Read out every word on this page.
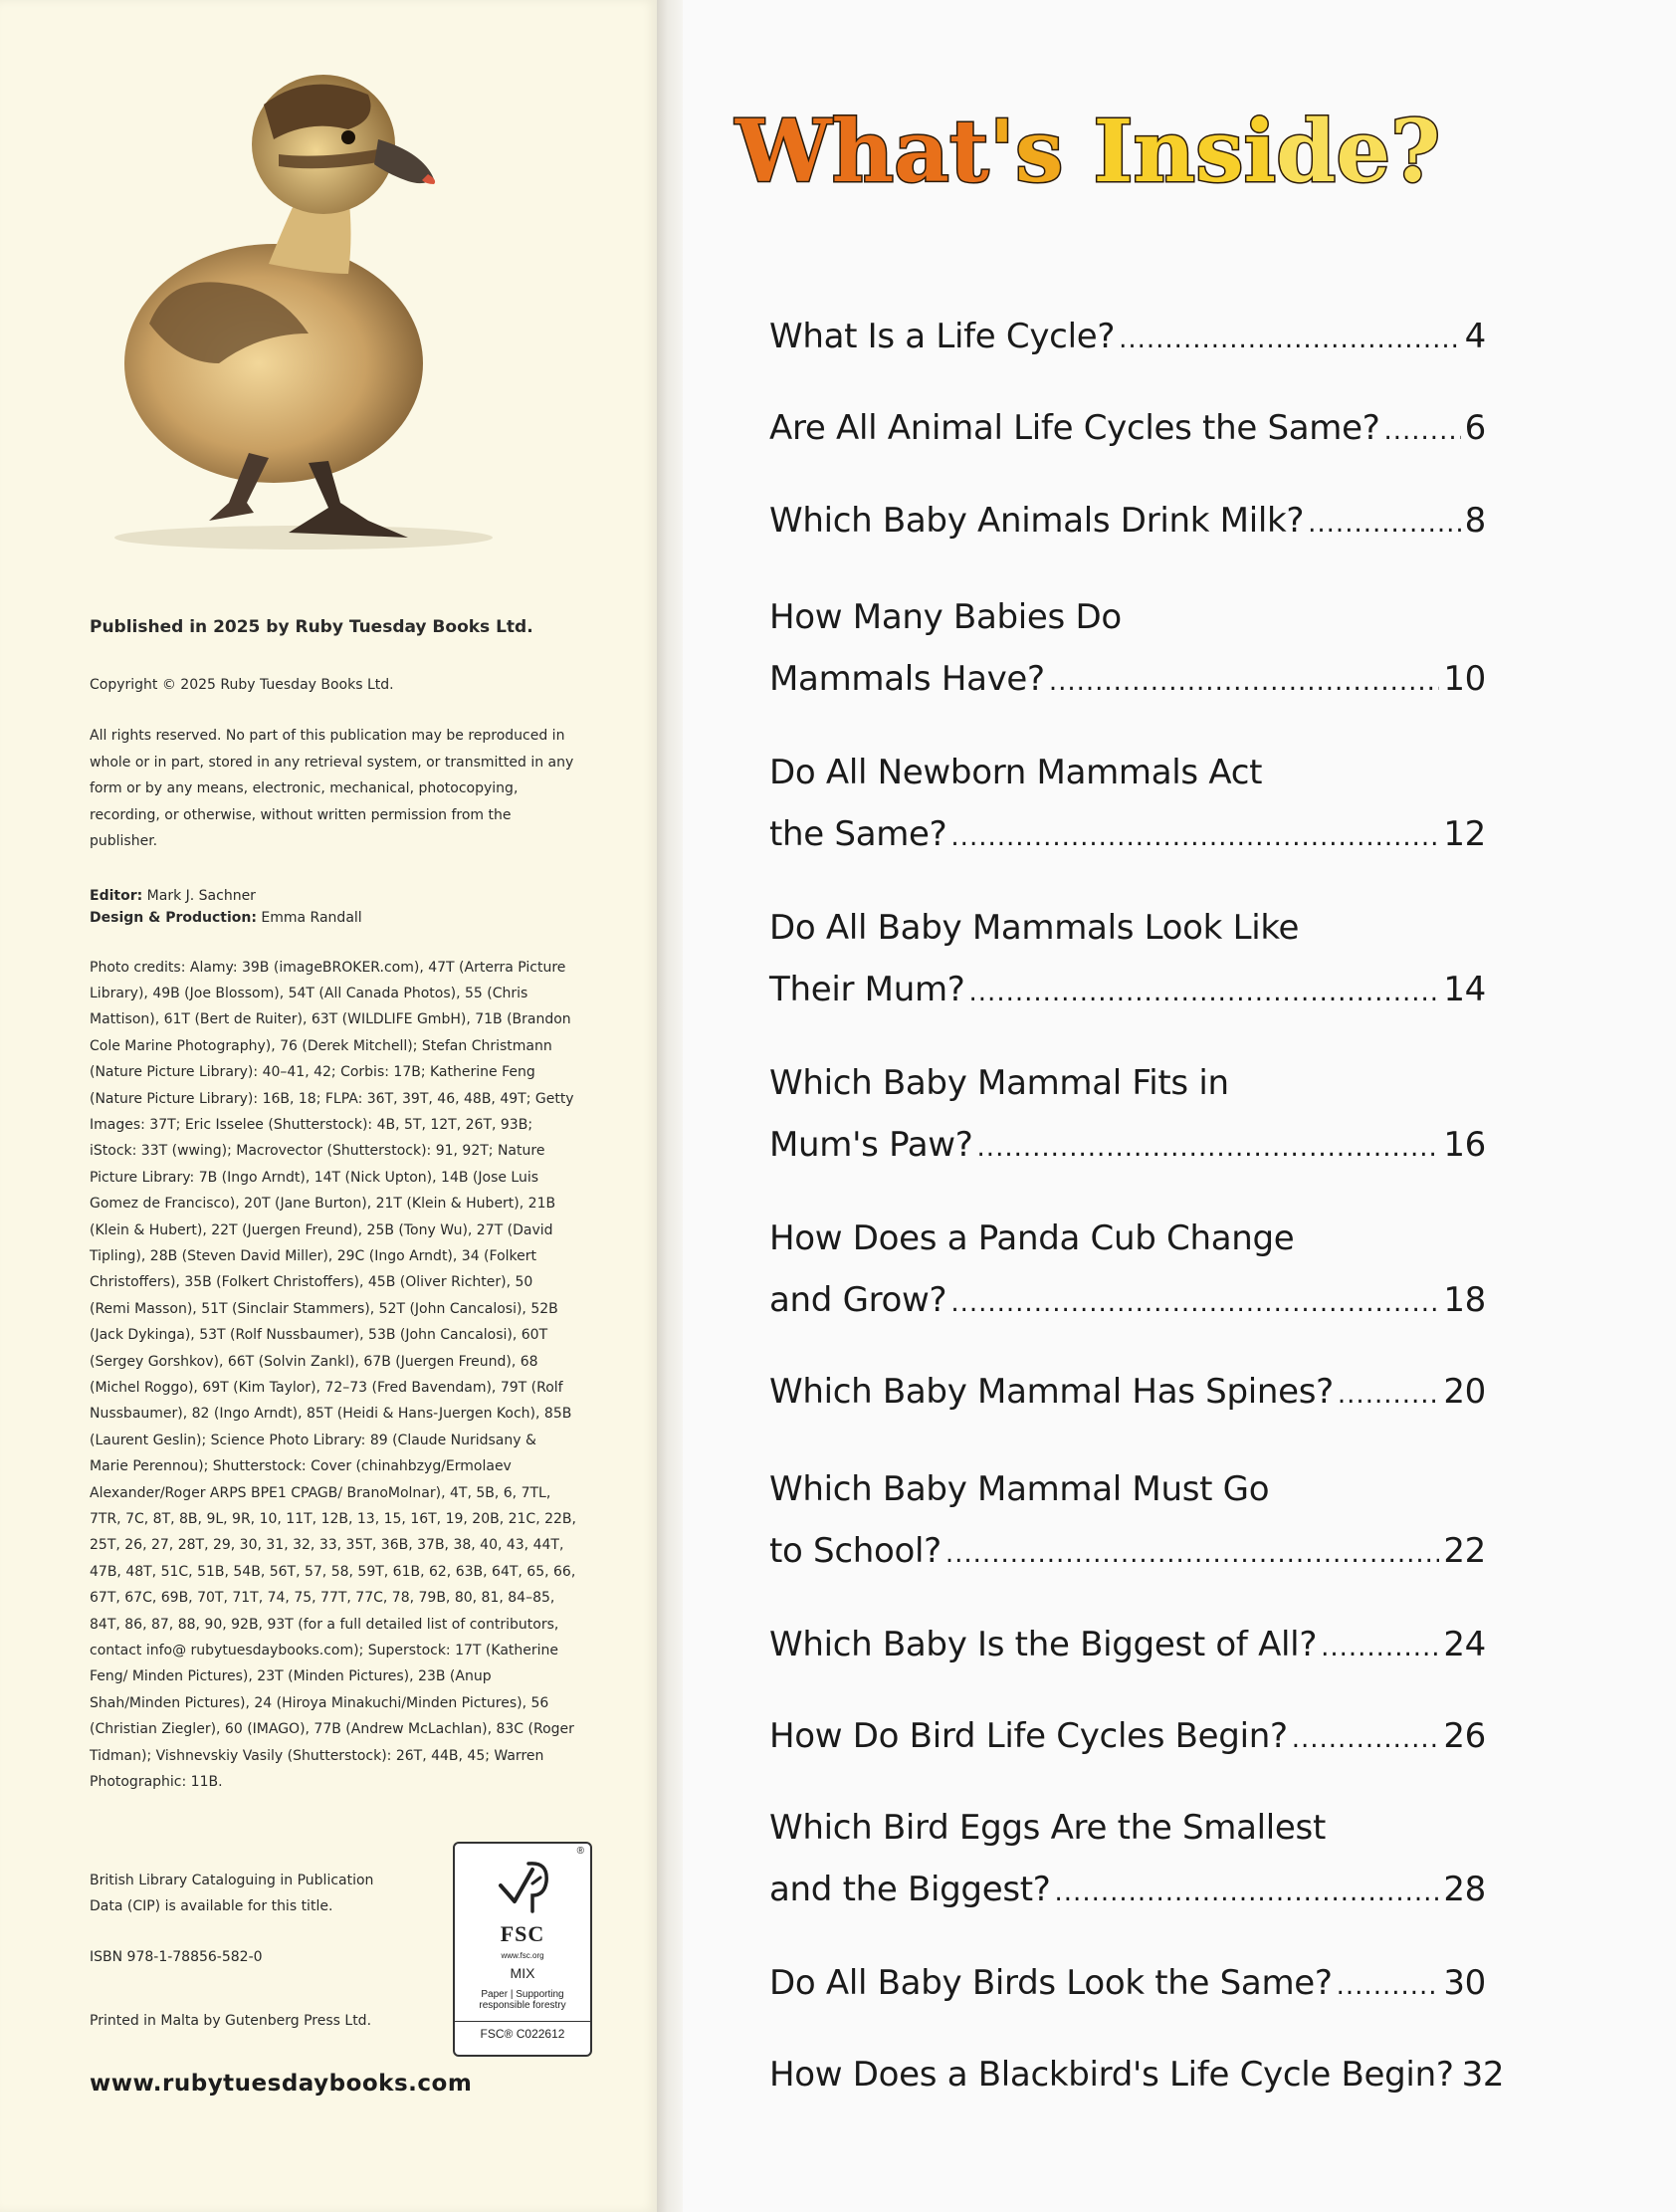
Published in 2025 by Ruby Tuesday Books Ltd.

Copyright © 2025 Ruby Tuesday Books Ltd.

All rights reserved. No part of this publication may be reproduced in whole or in part, stored in any retrieval system, or transmitted in any form or by any means, electronic, mechanical, photocopying, recording, or otherwise, without written permission from the publisher.

Editor: Mark J. Sachner
Design & Production: Emma Randall

Photo credits: Alamy: 39B (imageBROKER.com), 47T (Arterra Picture Library), 49B (Joe Blossom), 54T (All Canada Photos), 55 (Chris Mattison), 61T (Bert de Ruiter), 63T (WILDLIFE GmbH), 71B (Brandon Cole Marine Photography), 76 (Derek Mitchell); Stefan Christmann (Nature Picture Library): 40–41, 42; Corbis: 17B; Katherine Feng (Nature Picture Library): 16B, 18; FLPA: 36T, 39T, 46, 48B, 49T; Getty Images: 37T; Eric Isselee (Shutterstock): 4B, 5T, 12T, 26T, 93B; iStock: 33T (wwing); Macrovector (Shutterstock): 91, 92T; Nature Picture Library: 7B (Ingo Arndt), 14T (Nick Upton), 14B (Jose Luis Gomez de Francisco), 20T (Jane Burton), 21T (Klein & Hubert), 21B (Klein & Hubert), 22T (Juergen Freund), 25B (Tony Wu), 27T (David Tipling), 28B (Steven David Miller), 29C (Ingo Arndt), 34 (Folkert Christoffers), 35B (Folkert Christoffers), 45B (Oliver Richter), 50 (Remi Masson), 51T (Sinclair Stammers), 52T (John Cancalosi), 52B (Jack Dykinga), 53T (Rolf Nussbaumer), 53B (John Cancalosi), 60T (Sergey Gorshkov), 66T (Solvin Zankl), 67B (Juergen Freund), 68 (Michel Roggo), 69T (Kim Taylor), 72–73 (Fred Bavendam), 79T (Rolf Nussbaumer), 82 (Ingo Arndt), 85T (Heidi & Hans-Juergen Koch), 85B (Laurent Geslin); Science Photo Library: 89 (Claude Nuridsany & Marie Perennou); Shutterstock: Cover (chinahbzyg/Ermolaev Alexander/Roger ARPS BPE1 CPAGB/ BranoMolnar), 4T, 5B, 6, 7TL, 7TR, 7C, 8T, 8B, 9L, 9R, 10, 11T, 12B, 13, 15, 16T, 19, 20B, 21C, 22B, 25T, 26, 27, 28T, 29, 30, 31, 32, 33, 35T, 36B, 37B, 38, 40, 43, 44T, 47B, 48T, 51C, 51B, 54B, 56T, 57, 58, 59T, 61B, 62, 63B, 64T, 65, 66, 67T, 67C, 69B, 70T, 71T, 74, 75, 77T, 77C, 78, 79B, 80, 81, 84–85, 84T, 86, 87, 88, 90, 92B, 93T (for a full detailed list of contributors, contact info@ rubytuesdaybooks.com); Superstock: 17T (Katherine Feng/ Minden Pictures), 23T (Minden Pictures), 23B (Anup Shah/Minden Pictures), 24 (Hiroya Minakuchi/Minden Pictures), 56 (Christian Ziegler), 60 (IMAGO), 77B (Andrew McLachlan), 83C (Roger Tidman); Vishnevskiy Vasily (Shutterstock): 26T, 44B, 45; Warren Photographic: 11B.

British Library Cataloguing in Publication Data (CIP) is available for this title.
ISBN 978-1-78856-582-0
Printed in Malta by Gutenberg Press Ltd.
www.rubytuesdaybooks.com
®
FSC
www.fsc.org
MIX
Paper | Supporting
responsible forestry
FSC® C022612
What's Inside?
What Is a Life Cycle? .....	4
Are All Animal Life Cycles the Same? .....	6
Which Baby Animals Drink Milk? .....	8
How Many Babies Do
Mammals Have? .....	10
Do All Newborn Mammals Act
the Same? .....	12
Do All Baby Mammals Look Like
Their Mum? .....	14
Which Baby Mammal Fits in
Mum's Paw? .....	16
How Does a Panda Cub Change
and Grow? .....	18
Which Baby Mammal Has Spines? .....	20
Which Baby Mammal Must Go
to School? .....	22
Which Baby Is the Biggest of All? .....	24
How Do Bird Life Cycles Begin? .....	26
Which Bird Eggs Are the Smallest
and the Biggest? .....	28
Do All Baby Birds Look the Same? .....	30
How Does a Blackbird's Life Cycle Begin? 32
